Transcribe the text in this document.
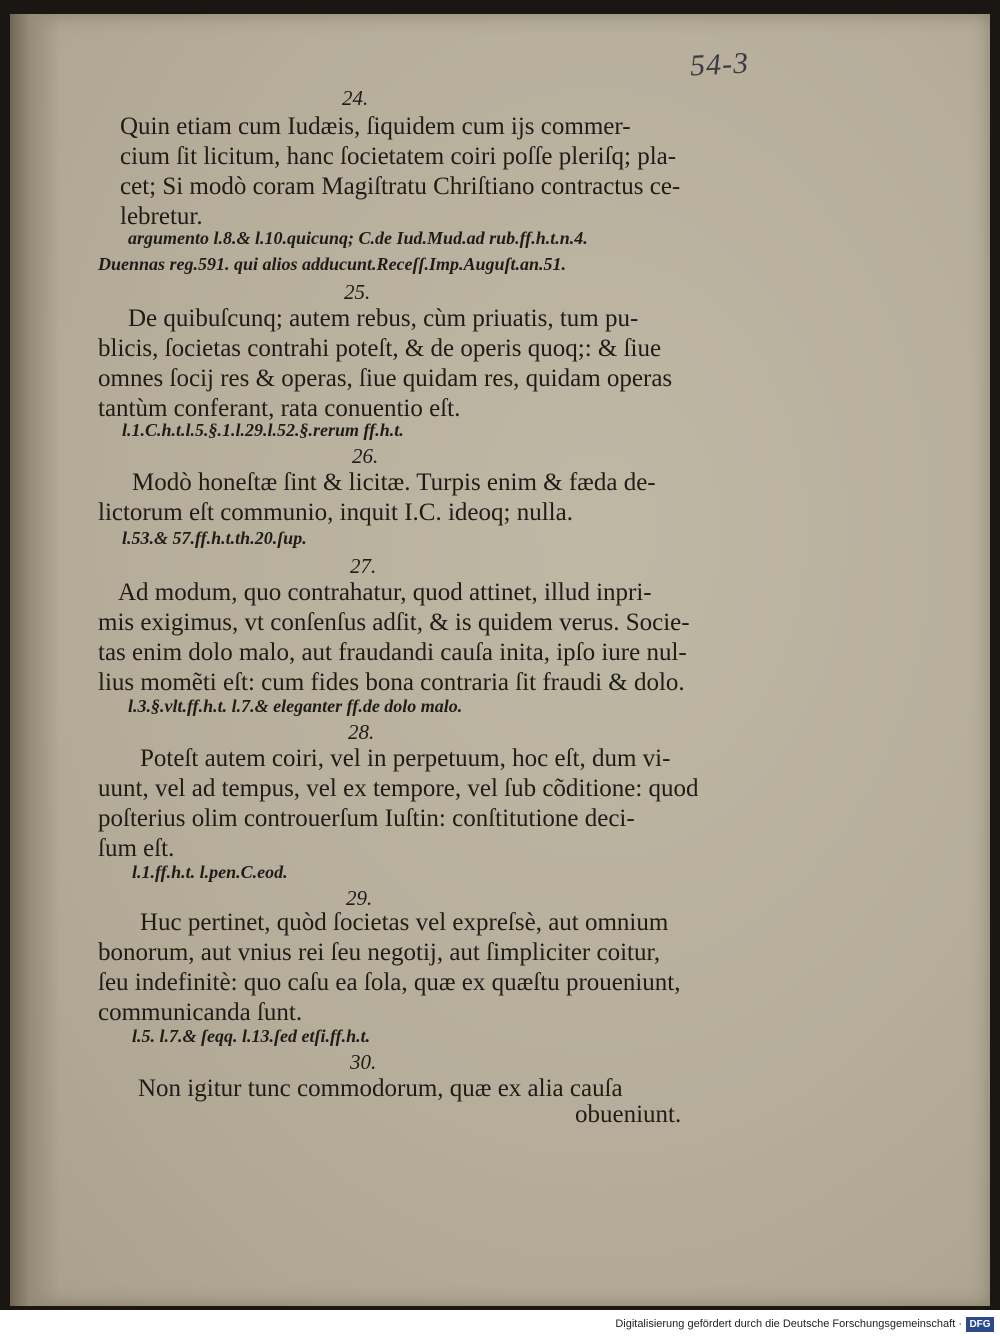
54-3
24.
Quin etiam cum Iudæis, ſiquidem cum ijs commer-
cium ſit licitum, hanc ſocietatem coiri poſſe pleriſq; pla-
cet; Si modò coram Magiſtratu Chriſtiano contractus ce-
lebretur.
argumento l.8.& l.10.quicunq; C.de Iud.Mud.ad rub.ff.h.t.n.4.
Duennas reg.591. qui alios adducunt.Receſſ.Imp.Auguſt.an.51.
25.
De quibuſcunq; autem rebus, cùm priuatis, tum pu-
blicis, ſocietas contrahi poteſt, & de operis quoq;: & ſiue
omnes ſocij res & operas, ſiue quidam res, quidam operas
tantùm conferant, rata conuentio eſt.
l.1.C.h.t.l.5.§.1.l.29.l.52.§.rerum ff.h.t.
26.
Modò honeſtæ ſint & licitæ. Turpis enim & fæda de-
lictorum eſt communio, inquit I.C. ideoq; nulla.
l.53.& 57.ff.h.t.th.20.ſup.
27.
Ad modum, quo contrahatur, quod attinet, illud inpri-
mis exigimus, vt conſenſus adſit, & is quidem verus. Socie-
tas enim dolo malo, aut fraudandi cauſa inita, ipſo iure nul-
lius momẽti eſt: cum fides bona contraria ſit fraudi & dolo.
l.3.§.vlt.ff.h.t. l.7.& eleganter ff.de dolo malo.
28.
Poteſt autem coiri, vel in perpetuum, hoc eſt, dum vi-
uunt, vel ad tempus, vel ex tempore, vel ſub cõditione: quod
poſterius olim controuerſum Iuſtin: conſtitutione deci-
ſum eſt.
l.1.ff.h.t. l.pen.C.eod.
29.
Huc pertinet, quòd ſocietas vel expreſsè, aut omnium
bonorum, aut vnius rei ſeu negotij, aut ſimpliciter coitur,
ſeu indefinitè: quo caſu ea ſola, quæ ex quæſtu proueniunt,
communicanda ſunt.
l.5. l.7.& ſeqq. l.13.ſed etſi.ff.h.t.
30.
Non igitur tunc commodorum, quæ ex alia cauſa
obueniunt.
Digitalisierung gefördert durch die Deutsche Forschungsgemeinschaft · DFG
